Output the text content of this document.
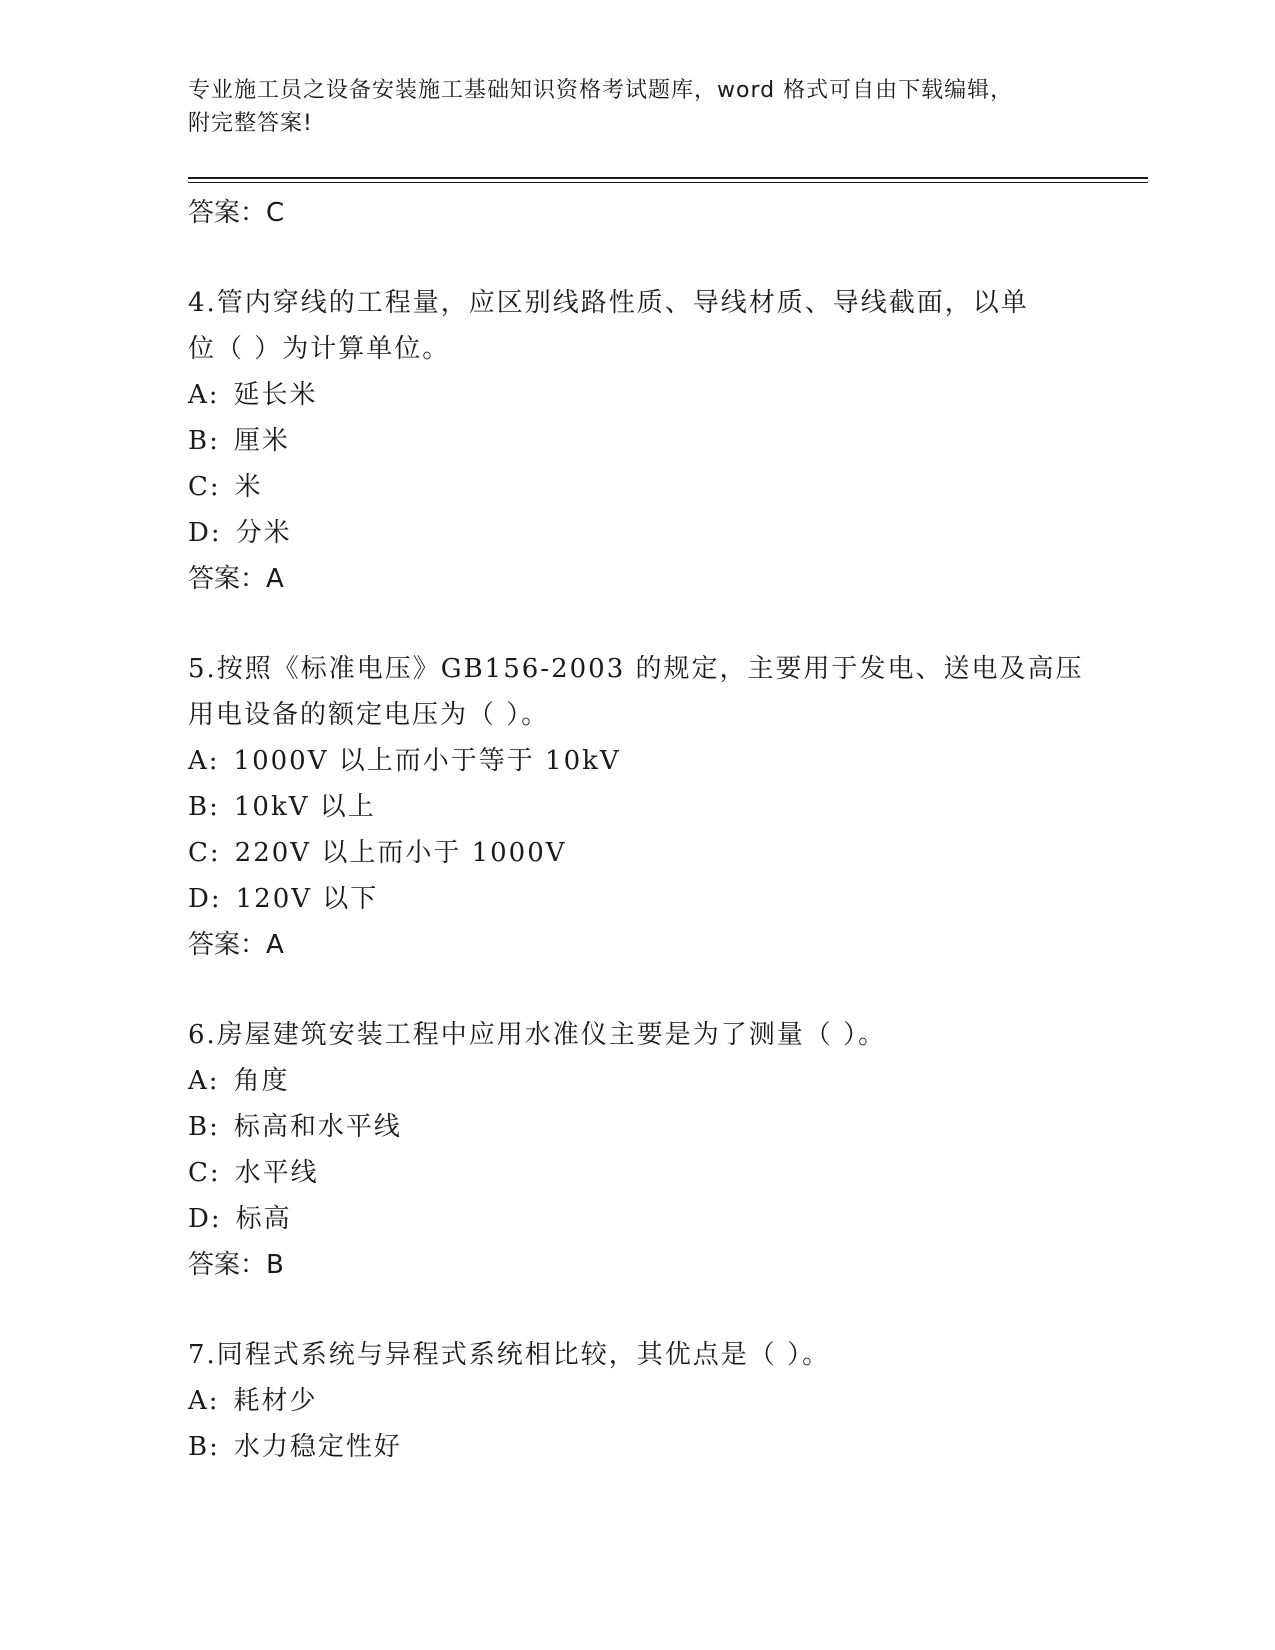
专业施工员之设备安装施工基础知识资格考试题库，word 格式可自由下载编辑，
附完整答案!

答案：C

4.管内穿线的工程量，应区别线路性质、导线材质、导线截面，以单

位（ ）为计算单位。

A: 延长米

B: 厘米

C: 米

D: 分米

答案：A

5.按照《标准电压》GB156-2003 的规定，主要用于发电、送电及高压

用电设备的额定电压为（ ）。

A: 1000V 以上而小于等于 10kV

B: 10kV 以上

C: 220V 以上而小于 1000V

D: 120V 以下

答案：A

6.房屋建筑安装工程中应用水准仪主要是为了测量（ ）。

A: 角度

B: 标高和水平线

C: 水平线

D: 标高

答案：B

7.同程式系统与异程式系统相比较，其优点是（ ）。

A: 耗材少

B: 水力稳定性好
